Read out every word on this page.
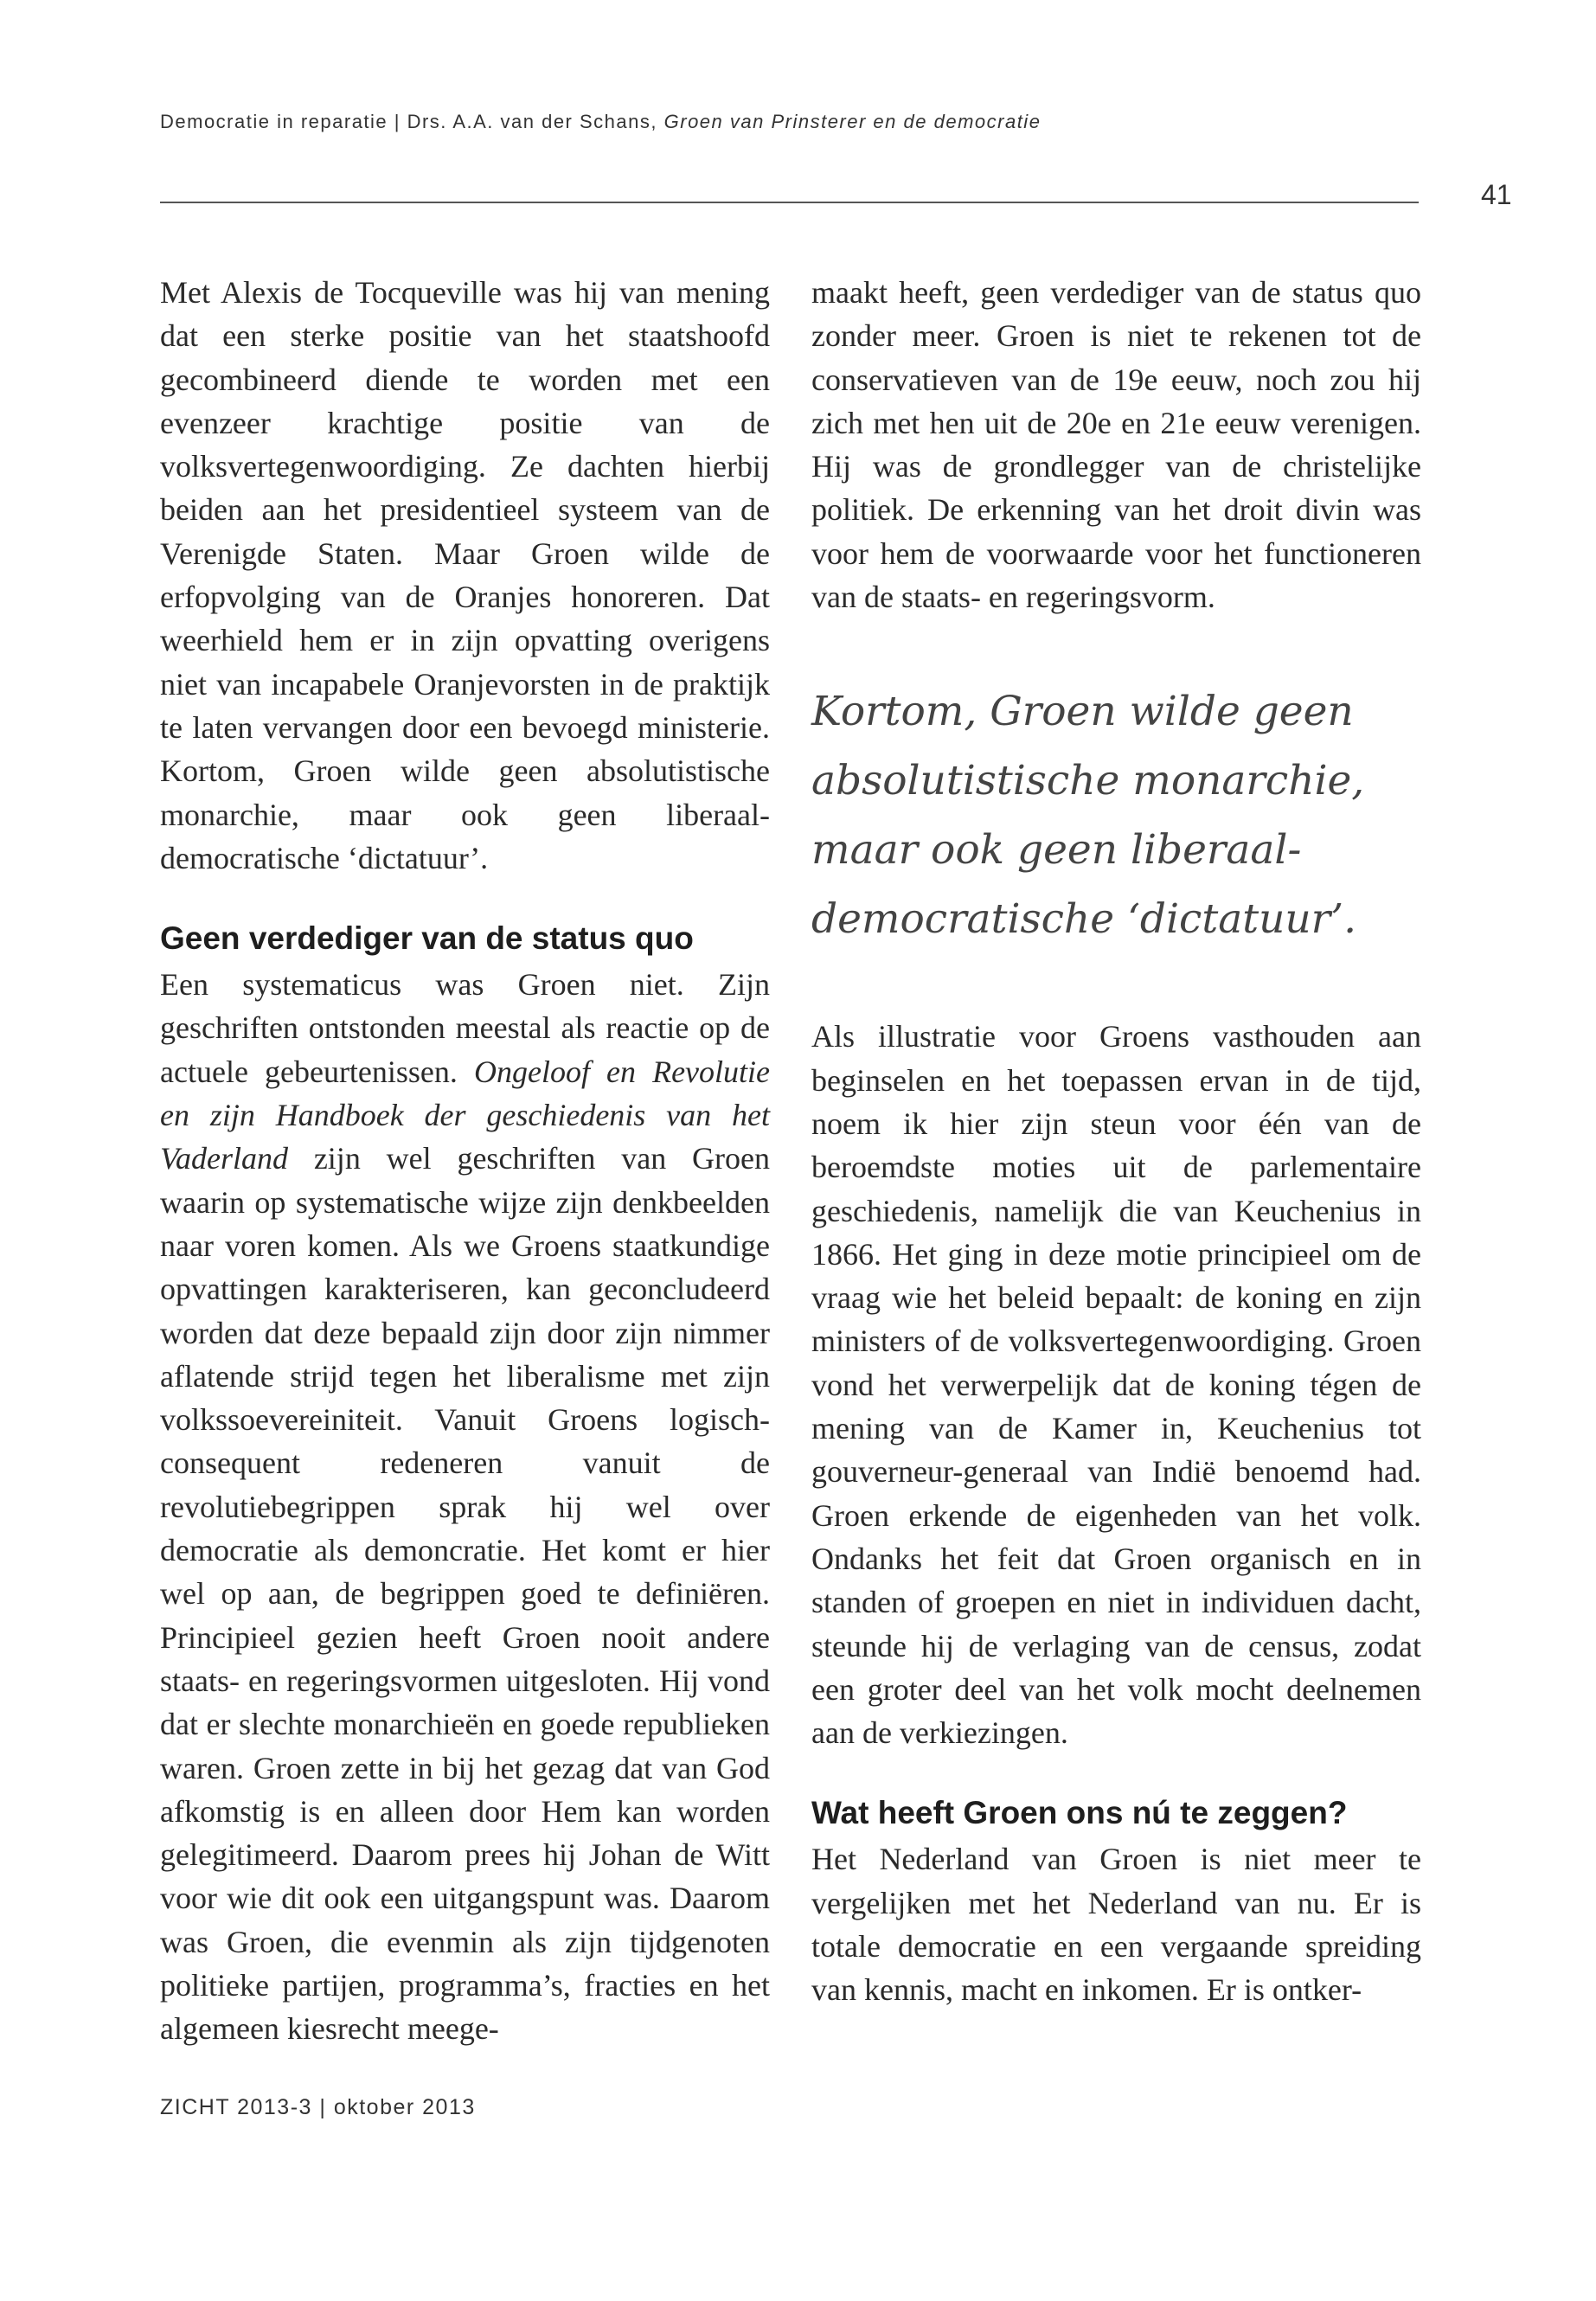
Democratie in reparatie | Drs. A.A. van der Schans, Groen van Prinsterer en de democratie
41

Met Alexis de Tocqueville was hij van mening dat een sterke positie van het staatshoofd gecombineerd diende te worden met een evenzeer krachtige positie van de volksvertegenwoordiging. Ze dachten hierbij beiden aan het presidentieel systeem van de Verenigde Staten. Maar Groen wilde de erfopvolging van de Oranjes honoreren. Dat weerhield hem er in zijn opvatting overigens niet van incapabele Oranjevorsten in de praktijk te laten vervangen door een bevoegd ministerie. Kortom, Groen wilde geen absolutistische monarchie, maar ook geen liberaal-democratische ‘dictatuur’.

Geen verdediger van de status quo

Een systematicus was Groen niet. Zijn geschriften ontstonden meestal als reactie op de actuele gebeurtenissen. Ongeloof en Revolutie en zijn Handboek der geschiedenis van het Vaderland zijn wel geschriften van Groen waarin op systematische wijze zijn denkbeelden naar voren komen. Als we Groens staatkundige opvattingen karakteriseren, kan geconcludeerd worden dat deze bepaald zijn door zijn nimmer aflatende strijd tegen het liberalisme met zijn volkssoevereiniteit. Vanuit Groens logisch-consequent redeneren vanuit de revolutiebegrippen sprak hij wel over democratie als demoncratie. Het komt er hier wel op aan, de begrippen goed te definiëren. Principieel gezien heeft Groen nooit andere staats- en regeringsvormen uitgesloten. Hij vond dat er slechte monarchieën en goede republieken waren. Groen zette in bij het gezag dat van God afkomstig is en alleen door Hem kan worden gelegitimeerd. Daarom prees hij Johan de Witt voor wie dit ook een uitgangspunt was. Daarom was Groen, die evenmin als zijn tijdgenoten politieke partijen, programma’s, fracties en het algemeen kiesrecht meege-

maakt heeft, geen verdediger van de status quo zonder meer. Groen is niet te rekenen tot de conservatieven van de 19e eeuw, noch zou hij zich met hen uit de 20e en 21e eeuw verenigen. Hij was de grondlegger van de christelijke politiek. De erkenning van het droit divin was voor hem de voorwaarde voor het functioneren van de staats- en regeringsvorm.

Kortom, Groen wilde geen absolutistische monarchie, maar ook geen liberaal-democratische ‘dictatuur’.

Als illustratie voor Groens vasthouden aan beginselen en het toepassen ervan in de tijd, noem ik hier zijn steun voor één van de beroemdste moties uit de parlementaire geschiedenis, namelijk die van Keuchenius in 1866. Het ging in deze motie principieel om de vraag wie het beleid bepaalt: de koning en zijn ministers of de volksvertegenwoordiging. Groen vond het verwerpelijk dat de koning tégen de mening van de Kamer in, Keuchenius tot gouverneur-generaal van Indië benoemd had. Groen erkende de eigenheden van het volk. Ondanks het feit dat Groen organisch en in standen of groepen en niet in individuen dacht, steunde hij de verlaging van de census, zodat een groter deel van het volk mocht deelnemen aan de verkiezingen.

Wat heeft Groen ons nú te zeggen?

Het Nederland van Groen is niet meer te vergelijken met het Nederland van nu. Er is totale democratie en een vergaande spreiding van kennis, macht en inkomen. Er is ontker-

ZICHT 2013-3 | oktober 2013
